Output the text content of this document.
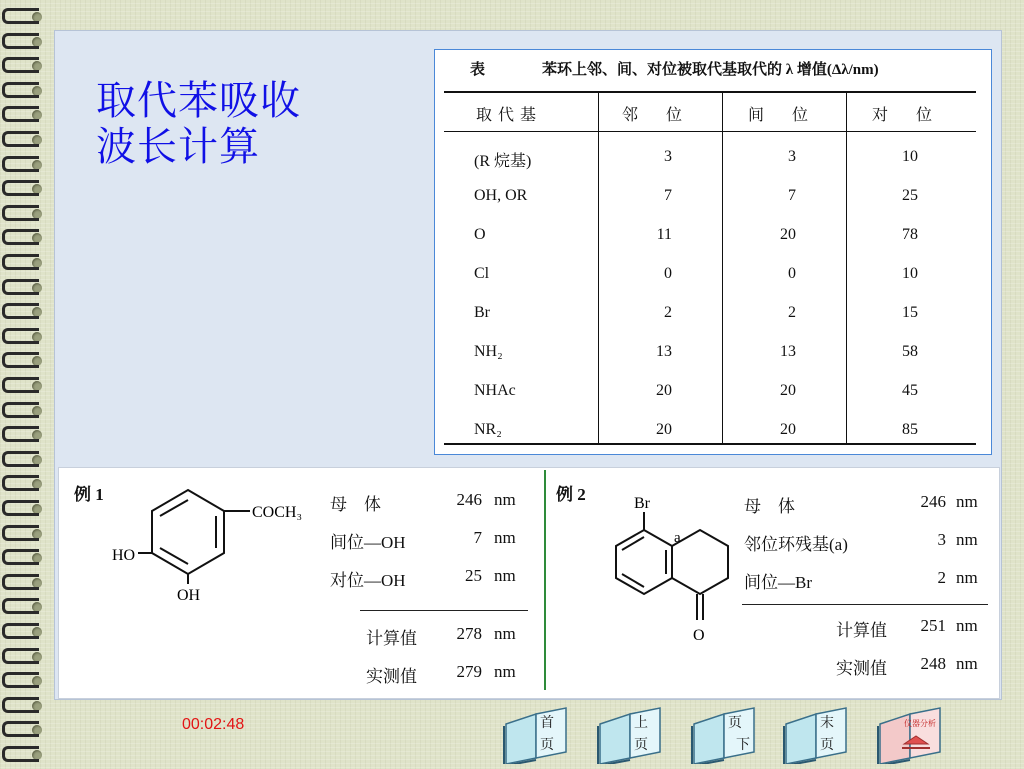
取代苯吸收
波长计算
表	苯环上邻、间、对位被取代基取代的 λ 增值(Δλ/nm)
取代基	邻　位	间　位	对　位
(R 烷基)	3	3	10
OH, OR	7	7	25
O	11	20	78
Cl	0	0	10
Br	2	2	15
NH₂	13	13	58
NHAc	20	20	45
NR₂	20	20	85
例 1
COCH₃
HO
OH
母　体	246 nm
间位—OH	7 nm
对位—OH	25 nm
计算值	278 nm
实测值	279 nm
例 2	Br
a
O
母　体	246 nm
邻位环残基(a)	3 nm
间位—Br	2 nm
计算值	251 nm
实测值	248 nm
00:02:48	首
页
上
页
页
下
末
页
仪器分析
